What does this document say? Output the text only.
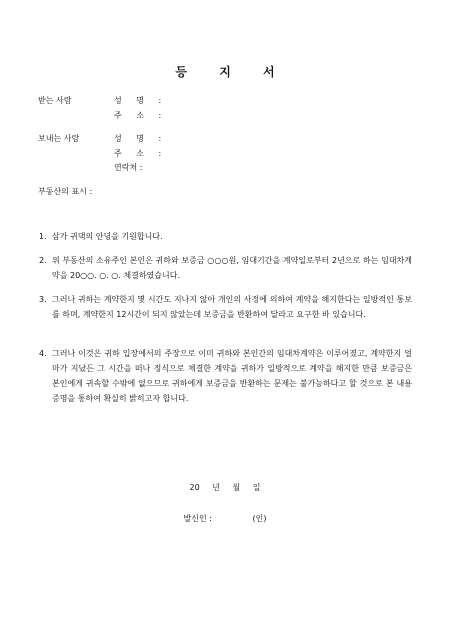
등 지 서
받는 사람	성 명 :
주 소 :
보내는 사람	성 명 :
주 소 :
연락처 :
부동산의 표시 :
1. 삼가 귀댁의 안녕을 기원합니다.
2. 위 부동산의 소유주인 본인은 귀하와 보증금 ○○○원, 임대기간을 계약일로부터 2년으로 하는 임대차계약을 20○○. ○. ○. 체결하였습니다.
3. 그러나 귀하는 계약한지 몇 시간도 지나지 않아 개인의 사정에 의하여 계약을 해지한다는 일방적인 통보를 하며, 계약한지 12시간이 되지 않았는데 보증금을 반환하여 달라고 요구한 바 있습니다.
4. 그러나 이것은 귀하 입장에서의 주장으로 이미 귀하와 본인간의 임대차계약은 이루어졌고, 계약한지 얼마가 지났든 그 시간을 떠나 정식으로 체결한 계약을 귀하가 일방적으로 계약을 해지한 만큼 보증금은 본인에게 귀속할 수밖에 없으므로 귀하에게 보증금을 반환하는 문제는 불가능하다고 할 것으로 본 내용증명을 통하여 확실히 밝히고자 합니다.
20 년 월 일
발신인 :	(인)
